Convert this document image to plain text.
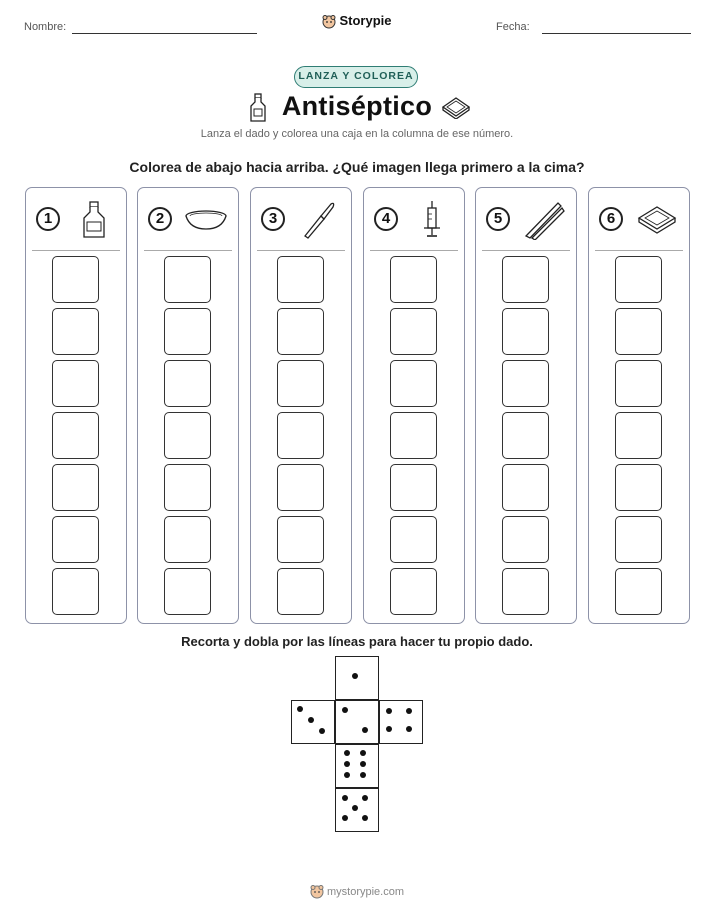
Nombre:	Storypie	Fecha:
LANZA Y COLOREA
Antiséptico
Lanza el dado y colorea una caja en la columna de ese número.
Colorea de abajo hacia arriba. ¿Qué imagen llega primero a la cima?
1	2	3	4	5	6
Recorta y dobla por las líneas para hacer tu propio dado.
mystorypie.com
